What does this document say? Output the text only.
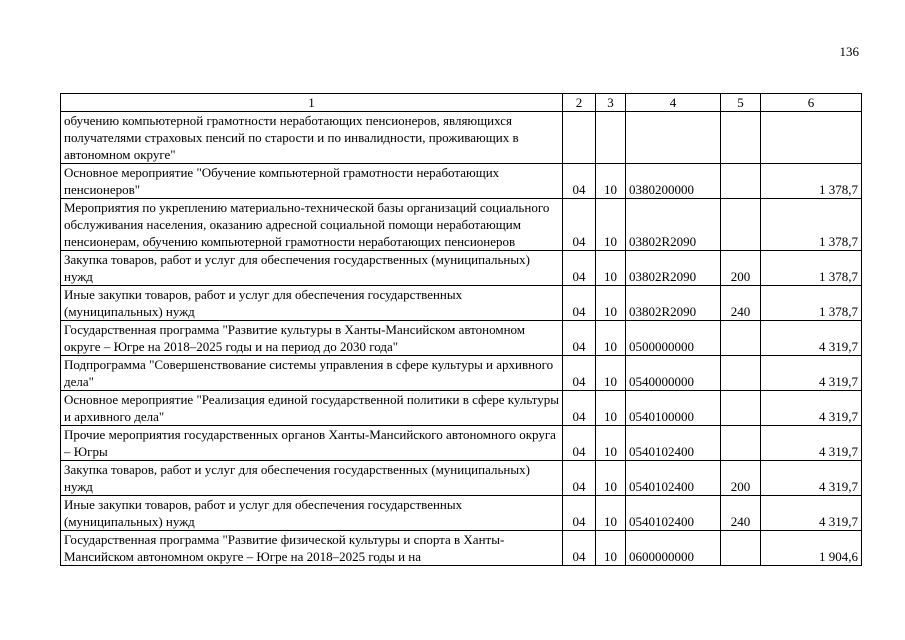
136
1	2	3	4	5	6
обучению компьютерной грамотности неработающих пенсионеров, являющихся получателями страховых пенсий по старости и по инвалидности, проживающих в автономном округе"					
Основное мероприятие "Обучение компьютерной грамотности неработающих пенсионеров"	04	10	0380200000		1 378,7
Мероприятия по укреплению материально-технической базы организаций социального обслуживания населения, оказанию адресной социальной помощи неработающим пенсионерам, обучению компьютерной грамотности неработающих пенсионеров	04	10	03802R2090		1 378,7
Закупка товаров, работ и услуг для обеспечения государственных (муниципальных) нужд	04	10	03802R2090	200	1 378,7
Иные закупки товаров, работ и услуг для обеспечения государственных (муниципальных) нужд	04	10	03802R2090	240	1 378,7
Государственная программа "Развитие культуры в Ханты-Мансийском автономном округе – Югре на 2018–2025 годы и на период до 2030 года"	04	10	0500000000		4 319,7
Подпрограмма "Совершенствование системы управления в сфере культуры и архивного дела"	04	10	0540000000		4 319,7
Основное мероприятие "Реализация единой государственной политики в сфере культуры и архивного дела"	04	10	0540100000		4 319,7
Прочие мероприятия государственных органов Ханты-Мансийского автономного округа – Югры	04	10	0540102400		4 319,7
Закупка товаров, работ и услуг для обеспечения государственных (муниципальных) нужд	04	10	0540102400	200	4 319,7
Иные закупки товаров, работ и услуг для обеспечения государственных (муниципальных) нужд	04	10	0540102400	240	4 319,7
Государственная программа "Развитие физической культуры и спорта в Ханты-Мансийском автономном округе – Югре на 2018–2025 годы и на	04	10	0600000000		1 904,6
